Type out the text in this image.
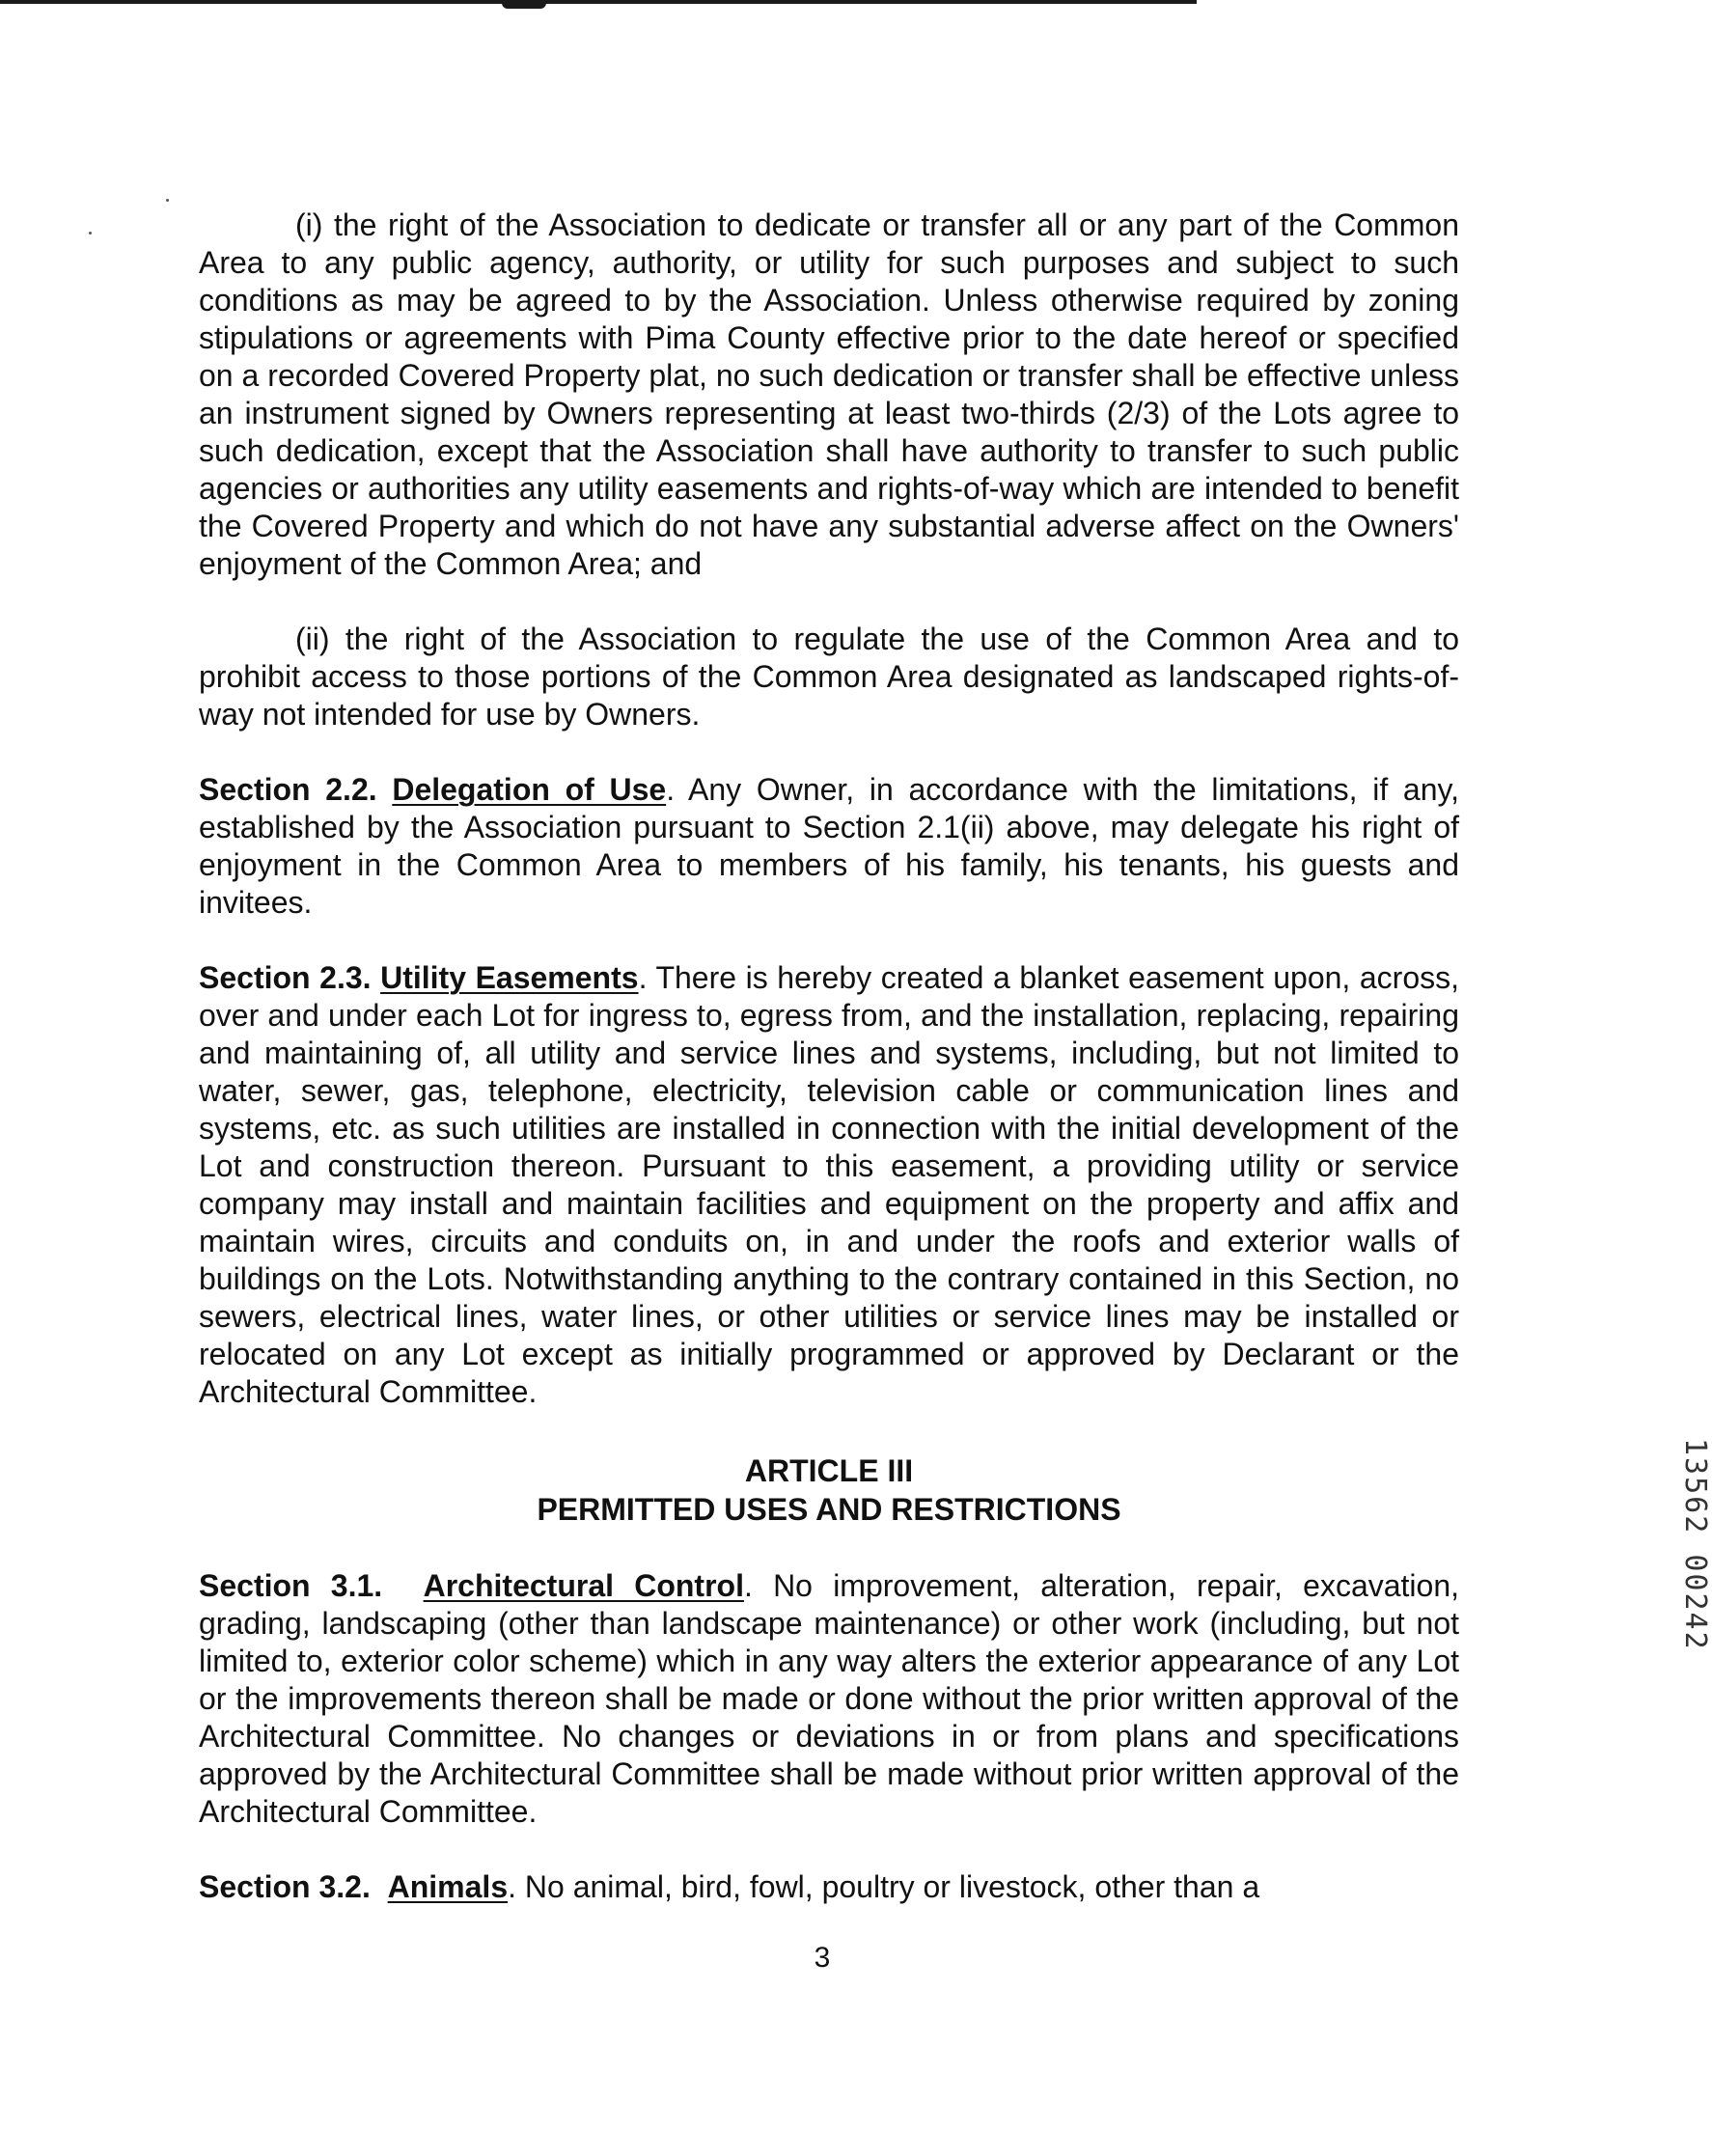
(i) the right of the Association to dedicate or transfer all or any part of the Common Area to any public agency, authority, or utility for such purposes and subject to such conditions as may be agreed to by the Association. Unless otherwise required by zoning stipulations or agreements with Pima County effective prior to the date hereof or specified on a recorded Covered Property plat, no such dedication or transfer shall be effective unless an instrument signed by Owners representing at least two-thirds (2/3) of the Lots agree to such dedication, except that the Association shall have authority to transfer to such public agencies or authorities any utility easements and rights-of-way which are intended to benefit the Covered Property and which do not have any substantial adverse affect on the Owners' enjoyment of the Common Area; and

(ii) the right of the Association to regulate the use of the Common Area and to prohibit access to those portions of the Common Area designated as landscaped rights-of-way not intended for use by Owners.

Section 2.2. Delegation of Use. Any Owner, in accordance with the limitations, if any, established by the Association pursuant to Section 2.1(ii) above, may delegate his right of enjoyment in the Common Area to members of his family, his tenants, his guests and invitees.

Section 2.3. Utility Easements. There is hereby created a blanket easement upon, across, over and under each Lot for ingress to, egress from, and the installation, replacing, repairing and maintaining of, all utility and service lines and systems, including, but not limited to water, sewer, gas, telephone, electricity, television cable or communication lines and systems, etc. as such utilities are installed in connection with the initial development of the Lot and construction thereon. Pursuant to this easement, a providing utility or service company may install and maintain facilities and equipment on the property and affix and maintain wires, circuits and conduits on, in and under the roofs and exterior walls of buildings on the Lots. Notwithstanding anything to the contrary contained in this Section, no sewers, electrical lines, water lines, or other utilities or service lines may be installed or relocated on any Lot except as initially programmed or approved by Declarant or the Architectural Committee.

ARTICLE III
PERMITTED USES AND RESTRICTIONS

Section 3.1. Architectural Control. No improvement, alteration, repair, excavation, grading, landscaping (other than landscape maintenance) or other work (including, but not limited to, exterior color scheme) which in any way alters the exterior appearance of any Lot or the improvements thereon shall be made or done without the prior written approval of the Architectural Committee. No changes or deviations in or from plans and specifications approved by the Architectural Committee shall be made without prior written approval of the Architectural Committee.

Section 3.2. Animals. No animal, bird, fowl, poultry or livestock, other than a

3
13562 00242
